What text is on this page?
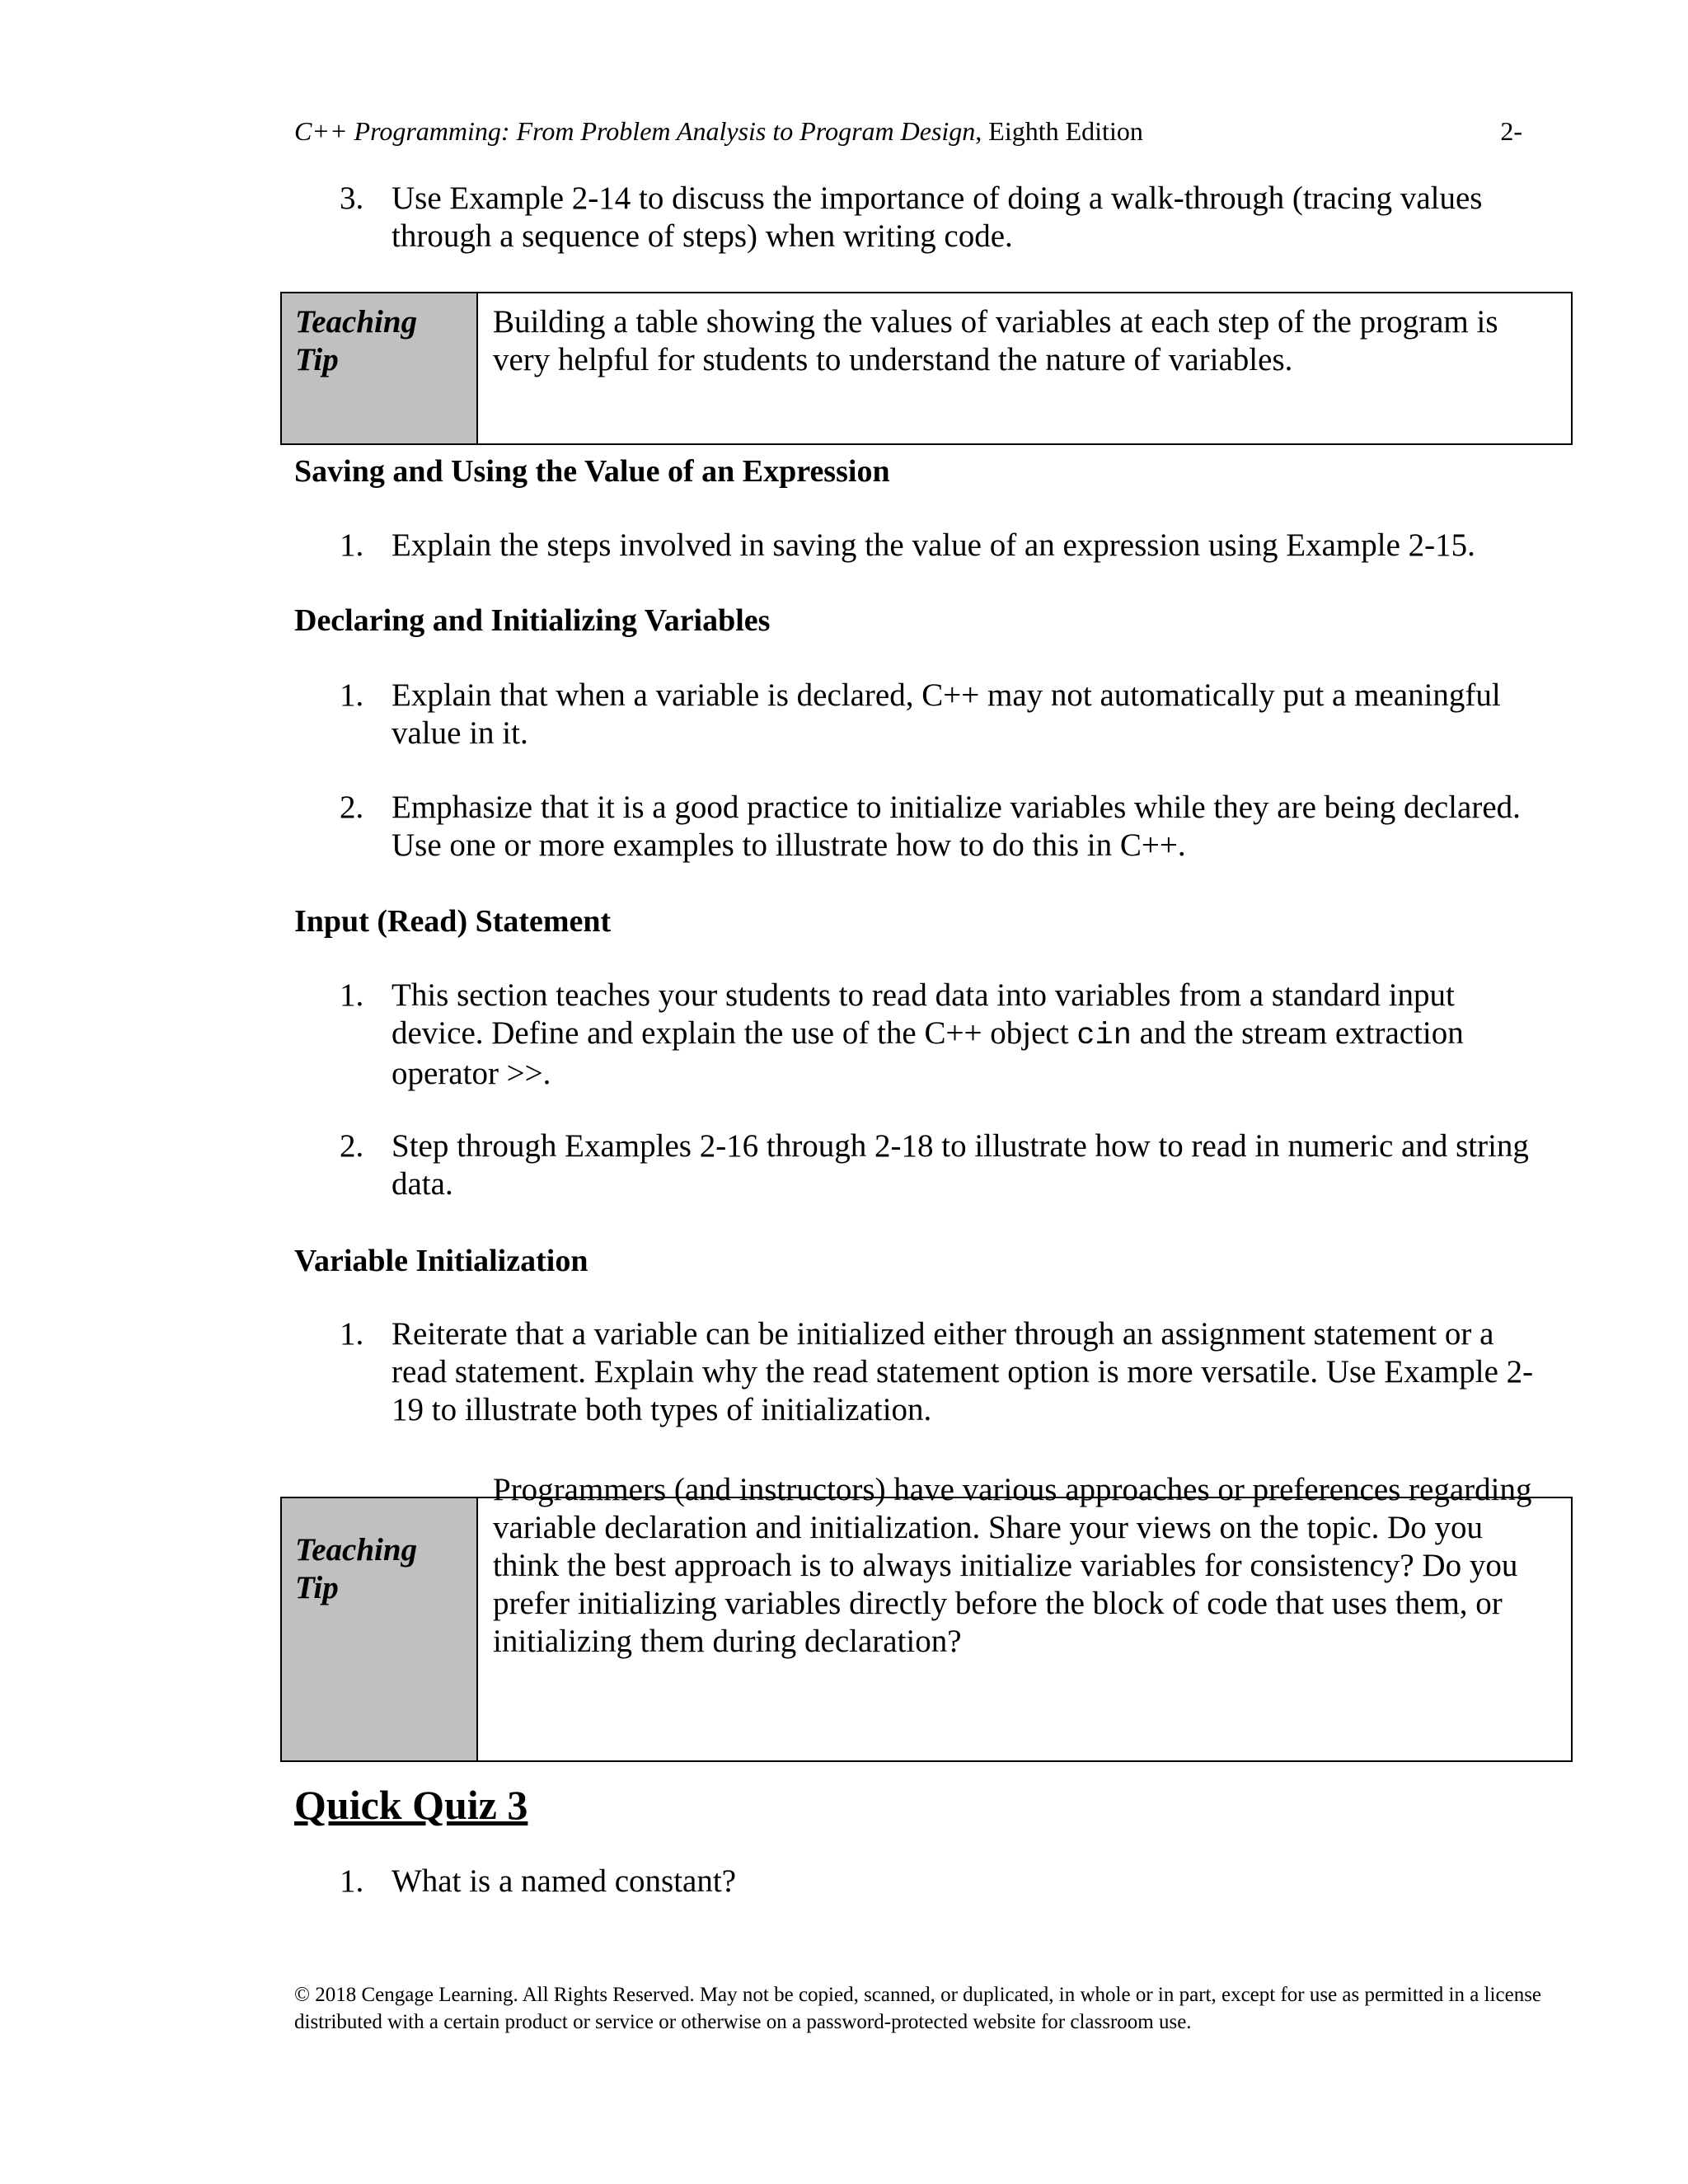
C++ Programming: From Problem Analysis to Program Design, Eighth Edition	2-
3. Use Example 2-14 to discuss the importance of doing a walk-through (tracing values through a sequence of steps) when writing code.
Teaching
Tip
Building a table showing the values of variables at each step of the program is very helpful for students to understand the nature of variables.
Saving and Using the Value of an Expression
1. Explain the steps involved in saving the value of an expression using Example 2-15.
Declaring and Initializing Variables
1. Explain that when a variable is declared, C++ may not automatically put a meaningful value in it.
2. Emphasize that it is a good practice to initialize variables while they are being declared. Use one or more examples to illustrate how to do this in C++.
Input (Read) Statement
1. This section teaches your students to read data into variables from a standard input device. Define and explain the use of the C++ object cin and the stream extraction operator >>.
2. Step through Examples 2-16 through 2-18 to illustrate how to read in numeric and string data.
Variable Initialization
1. Reiterate that a variable can be initialized either through an assignment statement or a read statement. Explain why the read statement option is more versatile. Use Example 2-19 to illustrate both types of initialization.
Teaching
Tip
Programmers (and instructors) have various approaches or preferences regarding variable declaration and initialization. Share your views on the topic. Do you think the best approach is to always initialize variables for consistency? Do you prefer initializing variables directly before the block of code that uses them, or initializing them during declaration?
Quick Quiz 3
1. What is a named constant?
© 2018 Cengage Learning. All Rights Reserved. May not be copied, scanned, or duplicated, in whole or in part, except for use as permitted in a license distributed with a certain product or service or otherwise on a password-protected website for classroom use.
